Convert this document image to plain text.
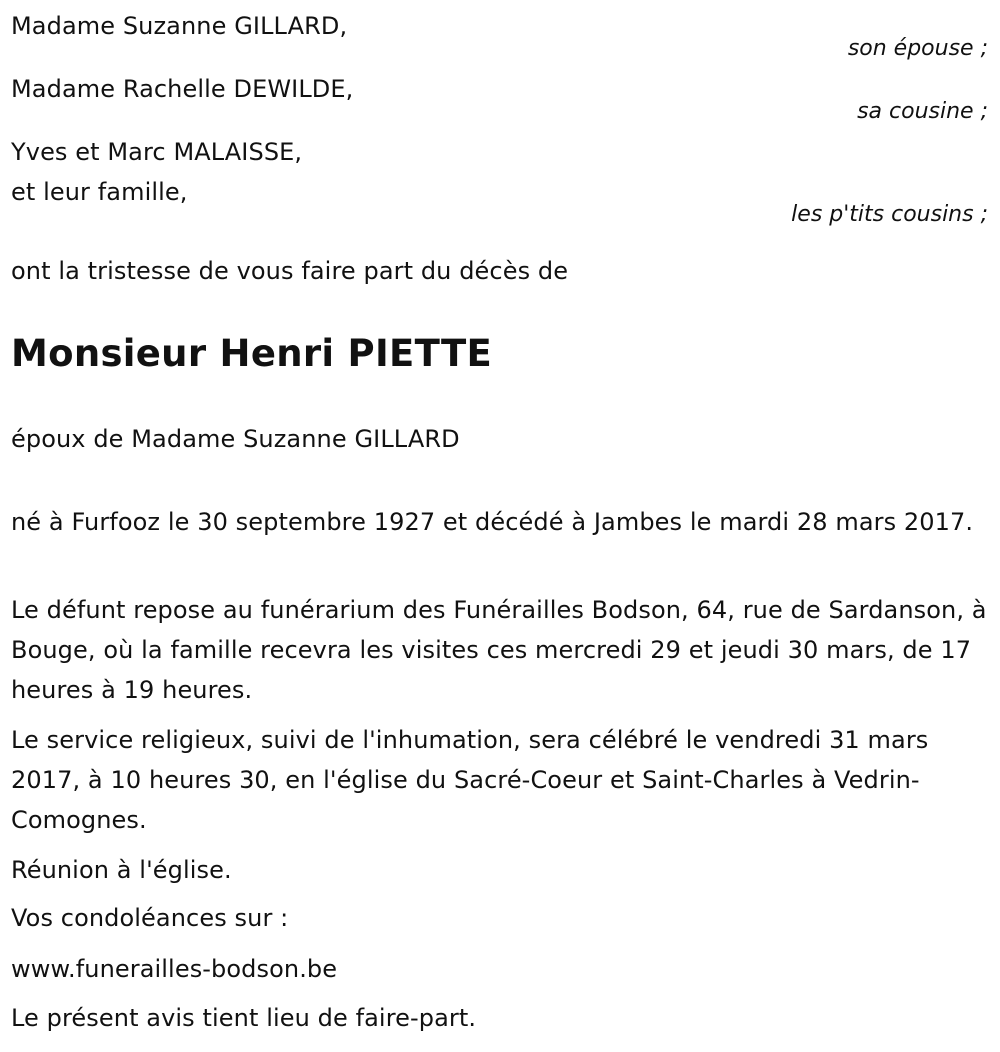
Madame Suzanne GILLARD,
son épouse ;
Madame Rachelle DEWILDE,
sa cousine ;
Yves et Marc MALAISSE,
et leur famille,
les p'tits cousins ;
ont la tristesse de vous faire part du décès de
Monsieur Henri PIETTE
époux de Madame Suzanne GILLARD
né à Furfooz le 30 septembre 1927 et décédé à Jambes le mardi 28 mars 2017.
Le défunt repose au funérarium des Funérailles Bodson, 64, rue de Sardanson, à Bouge, où la famille recevra les visites ces mercredi 29 et jeudi 30 mars, de 17 heures à 19 heures.
Le service religieux, suivi de l'inhumation, sera célébré le vendredi 31 mars 2017, à 10 heures 30, en l'église du Sacré-Coeur et Saint-Charles à Vedrin-Comognes.
Réunion à l'église.
Vos condoléances sur :
www.funerailles-bodson.be
Le présent avis tient lieu de faire-part.
